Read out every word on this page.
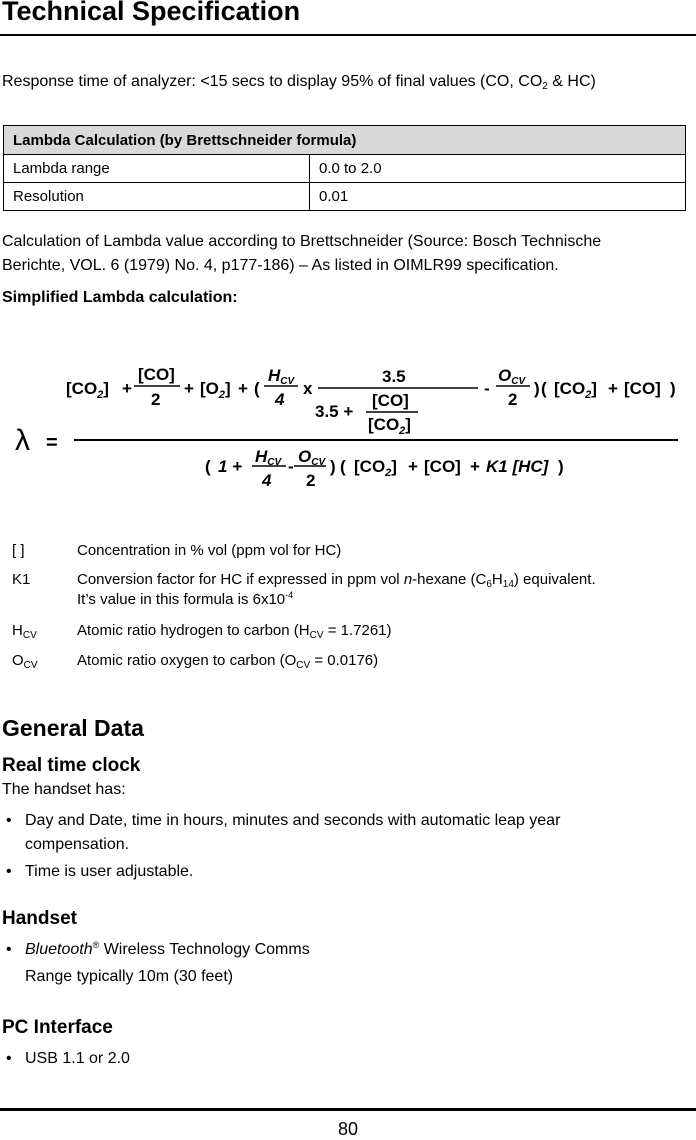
Technical Specification
Response time of analyzer: <15 secs to display 95% of final values (CO, $CO_2$ & HC)
Lambda Calculation (by Brettschneider formula)	
Lambda range	0.0 to 2.0
Resolution	0.01
Calculation of Lambda value according to Brettschneider (Source: Bosch Technische
Berichte, VOL. 6 (1979) No. 4, p177-186) – As listed in OIMLR99 specification.
Simplified Lambda calculation:
λ =
$[CO_2]$ +
[CO]
2
+ $[O_2]$ + (
HCV
4
x
3.5
3.5 +
[CO]
$[CO_2]$
-
OCV
2
) ( $[CO_2] + [CO]$ )
( 1 +
HCV
4
-
OCV
2
) ( $[CO_2] + [CO] + K1$ [HC] )
[ ]	Concentration in % vol (ppm vol for HC)
K1	Conversion factor for HC if expressed in ppm vol n-hexane $(C_6H_{14})$ equivalent.
It’s value in this formula is $6x10^{-4}$
$H_{CV}$	Atomic ratio hydrogen to carbon $(H_{CV} = 1.7261)$
$O_{CV}$	Atomic ratio oxygen to carbon $(O_{CV} = 0.0176)$
General Data
Real time clock
The handset has:
• Day and Date, time in hours, minutes and seconds with automatic leap year
compensation.
• Time is user adjustable.
Handset
• Bluetooth® Wireless Technology Comms
Range typically 10m (30 feet)
PC Interface
• USB 1.1 or 2.0
80
